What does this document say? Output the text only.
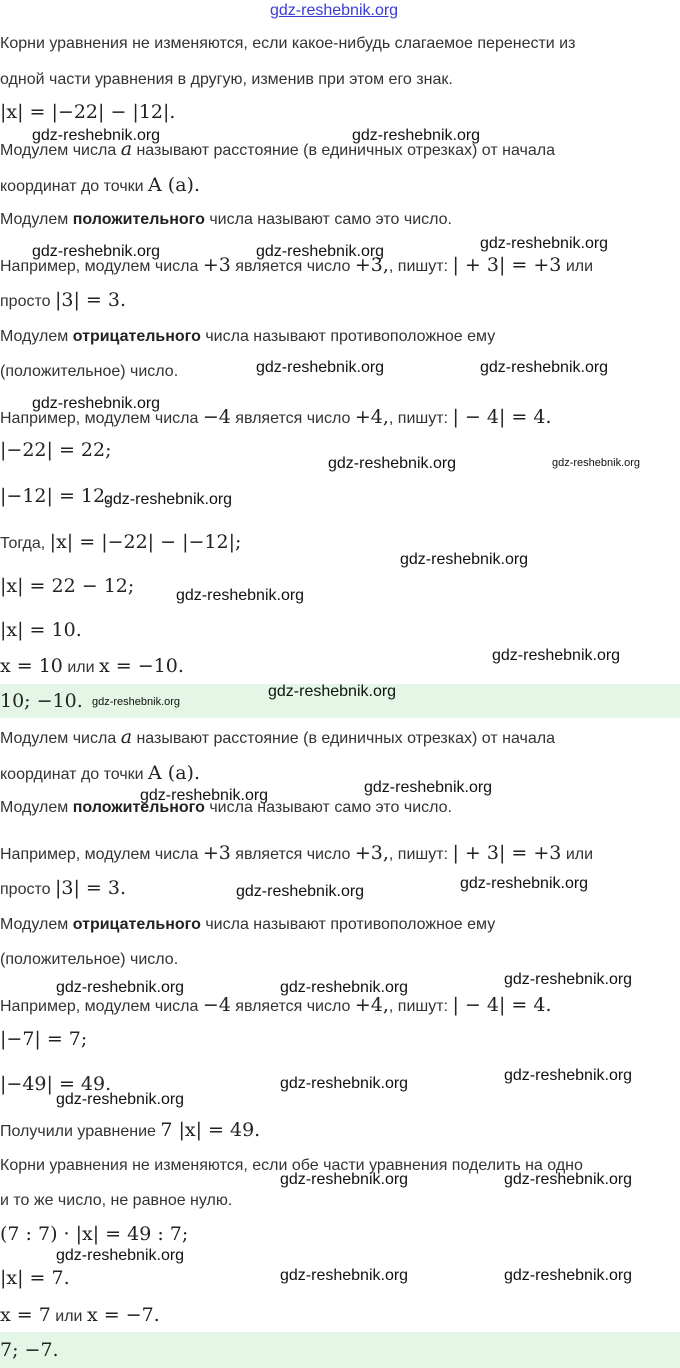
Корни уравнения не изменяются, если какое-нибудь слагаемое перенести из
одной части уравнения в другую, изменив при этом его знак.
|x| = |−22| − |12|.
Модулем числа a называют расстояние (в единичных отрезках) от начала
координат до точки A (a).
Модулем положительного числа называют само это число.
Например, модулем числа +3 является число +3,, пишут: | + 3| = +3 или
просто |3| = 3.
Модулем отрицательного числа называют противоположное ему
(положительное) число.
Например, модулем числа −4 является число +4,, пишут: | − 4| = 4.
|−22| = 22;
|−12| = 12.
Тогда, |x| = |−22| − |−12|;
|x| = 22 − 12;
|x| = 10.
x = 10 или x = −10.
10; −10.
Модулем числа a называют расстояние (в единичных отрезках) от начала
координат до точки A (a).
Модулем положительного числа называют само это число.
Например, модулем числа +3 является число +3,, пишут: | + 3| = +3 или
просто |3| = 3.
Модулем отрицательного числа называют противоположное ему
(положительное) число.
Например, модулем числа −4 является число +4,, пишут: | − 4| = 4.
|−7| = 7;
|−49| = 49.
Получили уравнение 7 |x| = 49.
Корни уравнения не изменяются, если обе части уравнения поделить на одно
и то же число, не равное нулю.
(7 : 7) · |x| = 49 : 7;
|x| = 7.
x = 7 или x = −7.
7; −7.
gdz-reshebnik.org
gdz-reshebnik.org	gdz-reshebnik.org
gdz-reshebnik.org	gdz-reshebnik.org	gdz-reshebnik.org
gdz-reshebnik.org	gdz-reshebnik.org
gdz-reshebnik.org
gdz-reshebnik.org	gdz-reshebnik.org
gdz-reshebnik.org
gdz-reshebnik.org
gdz-reshebnik.org
gdz-reshebnik.org
gdz-reshebnik.org
gdz-reshebnik.org
gdz-reshebnik.org
gdz-reshebnik.org
gdz-reshebnik.org
gdz-reshebnik.org
gdz-reshebnik.org
gdz-reshebnik.org	gdz-reshebnik.org
gdz-reshebnik.org
gdz-reshebnik.org
gdz-reshebnik.org
gdz-reshebnik.org	gdz-reshebnik.org
gdz-reshebnik.org
gdz-reshebnik.org	gdz-reshebnik.org
